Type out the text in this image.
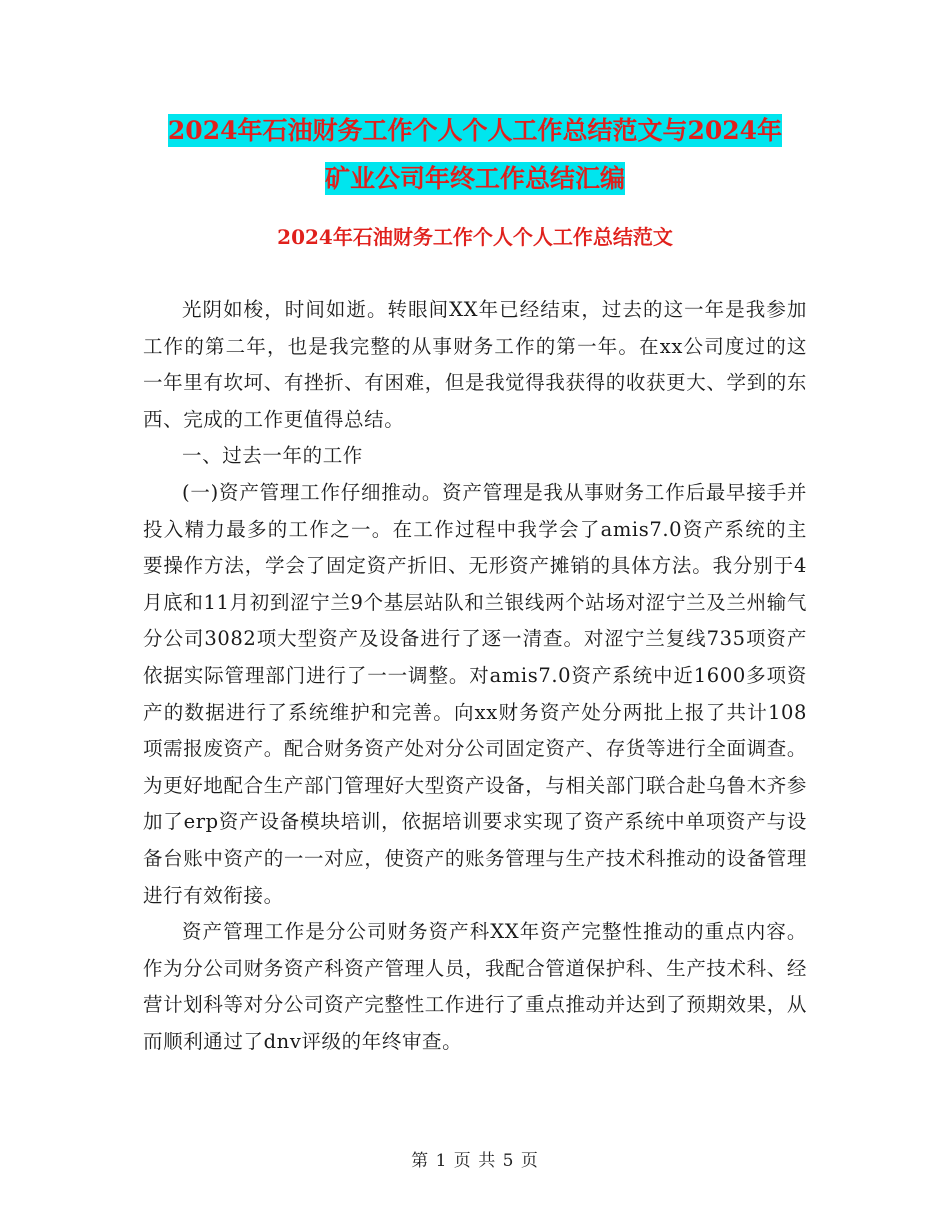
2024年石油财务工作个人个人工作总结范文与2024年
矿业公司年终工作总结汇编
2024年石油财务工作个人个人工作总结范文

光阴如梭，时间如逝。转眼间XX年已经结束，过去的这一年是我参加工作的第二年，也是我完整的从事财务工作的第一年。在xx公司度过的这一年里有坎坷、有挫折、有困难，但是我觉得我获得的收获更大、学到的东西、完成的工作更值得总结。

一、过去一年的工作

(一)资产管理工作仔细推动。资产管理是我从事财务工作后最早接手并投入精力最多的工作之一。在工作过程中我学会了amis7.0资产系统的主要操作方法，学会了固定资产折旧、无形资产摊销的具体方法。我分别于4月底和11月初到涩宁兰9个基层站队和兰银线两个站场对涩宁兰及兰州输气分公司3082项大型资产及设备进行了逐一清查。对涩宁兰复线735项资产依据实际管理部门进行了一一调整。对amis7.0资产系统中近1600多项资产的数据进行了系统维护和完善。向xx财务资产处分两批上报了共计108项需报废资产。配合财务资产处对分公司固定资产、存货等进行全面调查。为更好地配合生产部门管理好大型资产设备，与相关部门联合赴乌鲁木齐参加了erp资产设备模块培训，依据培训要求实现了资产系统中单项资产与设备台账中资产的一一对应，使资产的账务管理与生产技术科推动的设备管理进行有效衔接。

资产管理工作是分公司财务资产科XX年资产完整性推动的重点内容。作为分公司财务资产科资产管理人员，我配合管道保护科、生产技术科、经营计划科等对分公司资产完整性工作进行了重点推动并达到了预期效果，从而顺利通过了dnv评级的年终审查。

第 1 页 共 5 页
